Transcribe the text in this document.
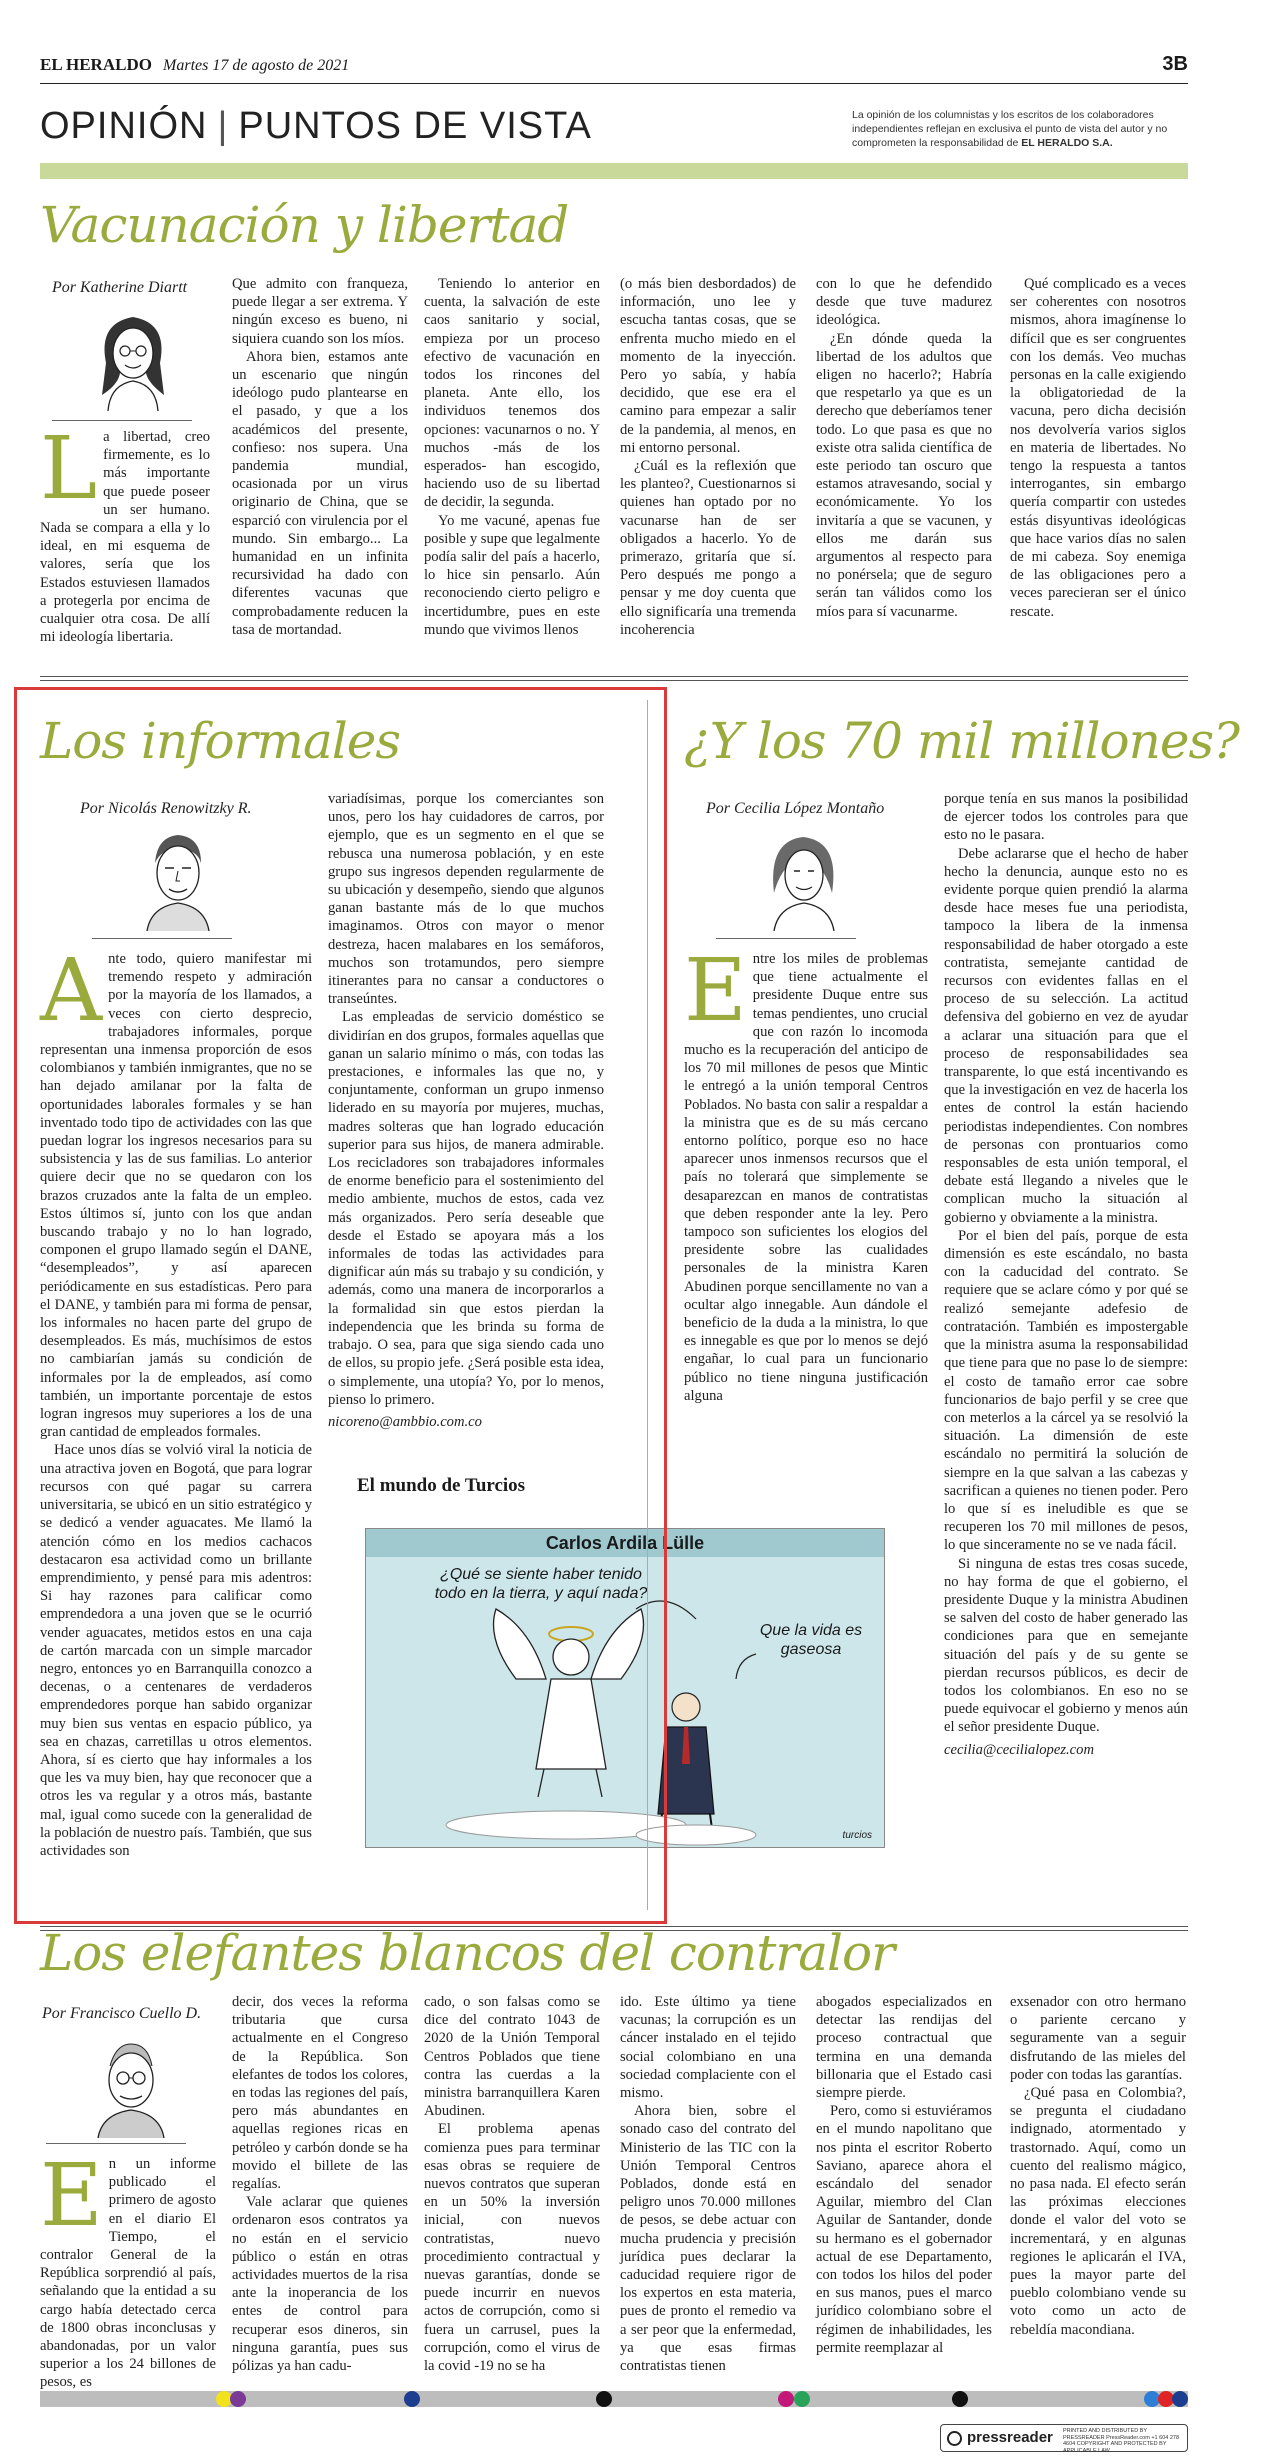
EL HERALDO Martes 17 de agosto de 2021	3B
OPINIÓN | PUNTOS DE VISTA	La opinión de los columnistas y los escritos de los colaboradores independientes reflejan en exclusiva el punto de vista del autor y no comprometen la responsabilidad de EL HERALDO S.A.
Vacunación y libertad
Por Katherine Diartt

La libertad, creo firmemente, es lo más importante que puede poseer un ser humano. Nada se compara a ella y lo ideal, en mi esquema de valores, sería que los Estados estuviesen llamados a protegerla por encima de cualquier otra cosa. De allí mi ideología libertaria.

Que admito con franqueza, puede llegar a ser extrema. Y ningún exceso es bueno, ni siquiera cuando son los míos.

Ahora bien, estamos ante un escenario que ningún ideólogo pudo plantearse en el pasado, y que a los académicos del presente, confieso: nos supera. Una pandemia mundial, ocasionada por un virus originario de China, que se esparció con virulencia por el mundo. Sin embargo... La humanidad en un infinita recursividad ha dado con diferentes vacunas que comprobadamente reducen la tasa de mortandad.

Teniendo lo anterior en cuenta, la salvación de este caos sanitario y social, empieza por un proceso efectivo de vacunación en todos los rincones del planeta. Ante ello, los individuos tenemos dos opciones: vacunarnos o no. Y muchos -más de los esperados- han escogido, haciendo uso de su libertad de decidir, la segunda.

Yo me vacuné, apenas fue posible y supe que legalmente podía salir del país a hacerlo, lo hice sin pensarlo. Aún reconociendo cierto peligro e incertidumbre, pues en este mundo que vivimos llenos

(o más bien desbordados) de información, uno lee y escucha tantas cosas, que se enfrenta mucho miedo en el momento de la inyección. Pero yo sabía, y había decidido, que ese era el camino para empezar a salir de la pandemia, al menos, en mi entorno personal.

¿Cuál es la reflexión que les planteo?, Cuestionarnos si quienes han optado por no vacunarse han de ser obligados a hacerlo. Yo de primerazo, gritaría que sí. Pero después me pongo a pensar y me doy cuenta que ello significaría una tremenda incoherencia

con lo que he defendido desde que tuve madurez ideológica.

¿En dónde queda la libertad de los adultos que eligen no hacerlo?; Habría que respetarlo ya que es un derecho que deberíamos tener todo. Lo que pasa es que no existe otra salida científica de este periodo tan oscuro que estamos atravesando, social y económicamente. Yo los invitaría a que se vacunen, y ellos me darán sus argumentos al respecto para no ponérsela; que de seguro serán tan válidos como los míos para sí vacunarme.

Qué complicado es a veces ser coherentes con nosotros mismos, ahora imagínense lo difícil que es ser congruentes con los demás. Veo muchas personas en la calle exigiendo la obligatoriedad de la vacuna, pero dicha decisión nos devolvería varios siglos en materia de libertades. No tengo la respuesta a tantos interrogantes, sin embargo quería compartir con ustedes estás disyuntivas ideológicas que hace varios días no salen de mi cabeza. Soy enemiga de las obligaciones pero a veces parecieran ser el único rescate.

Los informales
Por Nicolás Renowitzky R.

Ante todo, quiero manifestar mi tremendo respeto y admiración por la mayoría de los llamados, a veces con cierto desprecio, trabajadores informales, porque representan una inmensa proporción de esos colombianos y también inmigrantes, que no se han dejado amilanar por la falta de oportunidades laborales formales y se han inventado todo tipo de actividades con las que puedan lograr los ingresos necesarios para su subsistencia y las de sus familias. Lo anterior quiere decir que no se quedaron con los brazos cruzados ante la falta de un empleo. Estos últimos sí, junto con los que andan buscando trabajo y no lo han logrado, componen el grupo llamado según el DANE, “desempleados”, y así aparecen periódicamente en sus estadísticas. Pero para el DANE, y también para mi forma de pensar, los informales no hacen parte del grupo de desempleados. Es más, muchísimos de estos no cambiarían jamás su condición de informales por la de empleados, así como también, un importante porcentaje de estos logran ingresos muy superiores a los de una gran cantidad de empleados formales.

Hace unos días se volvió viral la noticia de una atractiva joven en Bogotá, que para lograr recursos con qué pagar su carrera universitaria, se ubicó en un sitio estratégico y se dedicó a vender aguacates. Me llamó la atención cómo en los medios cachacos destacaron esa actividad como un brillante emprendimiento, y pensé para mis adentros: Si hay razones para calificar como emprendedora a una joven que se le ocurrió vender aguacates, metidos estos en una caja de cartón marcada con un simple marcador negro, entonces yo en Barranquilla conozco a decenas, o a centenares de verdaderos emprendedores porque han sabido organizar muy bien sus ventas en espacio público, ya sea en chazas, carretillas u otros elementos. Ahora, sí es cierto que hay informales a los que les va muy bien, hay que reconocer que a otros les va regular y a otros más, bastante mal, igual como sucede con la generalidad de la población de nuestro país. También, que sus actividades son

variadísimas, porque los comerciantes son unos, pero los hay cuidadores de carros, por ejemplo, que es un segmento en el que se rebusca una numerosa población, y en este grupo sus ingresos dependen regularmente de su ubicación y desempeño, siendo que algunos ganan bastante más de lo que muchos imaginamos. Otros con mayor o menor destreza, hacen malabares en los semáforos, muchos son trotamundos, pero siempre itinerantes para no cansar a conductores o transeúntes.

Las empleadas de servicio doméstico se dividirían en dos grupos, formales aquellas que ganan un salario mínimo o más, con todas las prestaciones, e informales las que no, y conjuntamente, conforman un grupo inmenso liderado en su mayoría por mujeres, muchas, madres solteras que han logrado educación superior para sus hijos, de manera admirable. Los recicladores son trabajadores informales de enorme beneficio para el sostenimiento del medio ambiente, muchos de estos, cada vez más organizados. Pero sería deseable que desde el Estado se apoyara más a los informales de todas las actividades para dignificar aún más su trabajo y su condición, y además, como una manera de incorporarlos a la formalidad sin que estos pierdan la independencia que les brinda su forma de trabajo. O sea, para que siga siendo cada uno de ellos, su propio jefe. ¿Será posible esta idea, o simplemente, una utopía? Yo, por lo menos, pienso lo primero.

nicoreno@ambbio.com.co

El mundo de Turcios
Carlos Ardila Lülle
¿Qué se siente haber tenido todo en la tierra, y aquí nada?
Que la vida es gaseosa
turcios
¿Y los 70 mil millones?
Por Cecilia López Montaño

Entre los miles de problemas que tiene actualmente el presidente Duque entre sus temas pendientes, uno crucial que con razón lo incomoda mucho es la recuperación del anticipo de los 70 mil millones de pesos que Mintic le entregó a la unión temporal Centros Poblados. No basta con salir a respaldar a la ministra que es de su más cercano entorno político, porque eso no hace aparecer unos inmensos recursos que el país no tolerará que simplemente se desaparezcan en manos de contratistas que deben responder ante la ley. Pero tampoco son suficientes los elogios del presidente sobre las cualidades personales de la ministra Karen Abudinen porque sencillamente no van a ocultar algo innegable. Aun dándole el beneficio de la duda a la ministra, lo que es innegable es que por lo menos se dejó engañar, lo cual para un funcionario público no tiene ninguna justificación alguna

porque tenía en sus manos la posibilidad de ejercer todos los controles para que esto no le pasara.

Debe aclararse que el hecho de haber hecho la denuncia, aunque esto no es evidente porque quien prendió la alarma desde hace meses fue una periodista, tampoco la libera de la inmensa responsabilidad de haber otorgado a este contratista, semejante cantidad de recursos con evidentes fallas en el proceso de su selección. La actitud defensiva del gobierno en vez de ayudar a aclarar una situación para que el proceso de responsabilidades sea transparente, lo que está incentivando es que la investigación en vez de hacerla los entes de control la están haciendo periodistas independientes. Con nombres de personas con prontuarios como responsables de esta unión temporal, el debate está llegando a niveles que le complican mucho la situación al gobierno y obviamente a la ministra.

Por el bien del país, porque de esta dimensión es este escándalo, no basta con la caducidad del contrato. Se requiere que se aclare cómo y por qué se realizó semejante adefesio de contratación. También es impostergable que la ministra asuma la responsabilidad que tiene para que no pase lo de siempre: el costo de tamaño error cae sobre funcionarios de bajo perfil y se cree que con meterlos a la cárcel ya se resolvió la situación. La dimensión de este escándalo no permitirá la solución de siempre en la que salvan a las cabezas y sacrifican a quienes no tienen poder. Pero lo que sí es ineludible es que se recuperen los 70 mil millones de pesos, lo que sinceramente no se ve nada fácil.

Si ninguna de estas tres cosas sucede, no hay forma de que el gobierno, el presidente Duque y la ministra Abudinen se salven del costo de haber generado las condiciones para que en semejante situación del país y de su gente se pierdan recursos públicos, es decir de todos los colombianos. En eso no se puede equivocar el gobierno y menos aún el señor presidente Duque.

cecilia@cecilialopez.com

Los elefantes blancos del contralor
Por Francisco Cuello D.

En un informe publicado el primero de agosto en el diario El Tiempo, el contralor General de la República sorprendió al país, señalando que la entidad a su cargo había detectado cerca de 1800 obras inconclusas y abandonadas, por un valor superior a los 24 billones de pesos, es

decir, dos veces la reforma tributaria que cursa actualmente en el Congreso de la República. Son elefantes de todos los colores, en todas las regiones del país, pero más abundantes en aquellas regiones ricas en petróleo y carbón donde se ha movido el billete de las regalías.

Vale aclarar que quienes ordenaron esos contratos ya no están en el servicio público o están en otras actividades muertos de la risa ante la inoperancia de los entes de control para recuperar esos dineros, sin ninguna garantía, pues sus pólizas ya han cadu-

cado, o son falsas como se dice del contrato 1043 de 2020 de la Unión Temporal Centros Poblados que tiene contra las cuerdas a la ministra barranquillera Karen Abudinen.

El problema apenas comienza pues para terminar esas obras se requiere de nuevos contratos que superan en un 50% la inversión inicial, con nuevos contratistas, nuevo procedimiento contractual y nuevas garantías, donde se puede incurrir en nuevos actos de corrupción, como si fuera un carrusel, pues la corrupción, como el virus de la covid -19 no se ha

ido. Este último ya tiene vacunas; la corrupción es un cáncer instalado en el tejido social colombiano en una sociedad complaciente con el mismo.

Ahora bien, sobre el sonado caso del contrato del Ministerio de las TIC con la Unión Temporal Centros Poblados, donde está en peligro unos 70.000 millones de pesos, se debe actuar con mucha prudencia y precisión jurídica pues declarar la caducidad requiere rigor de los expertos en esta materia, pues de pronto el remedio va a ser peor que la enfermedad, ya que esas firmas contratistas tienen

abogados especializados en detectar las rendijas del proceso contractual que termina en una demanda billonaria que el Estado casi siempre pierde.

Pero, como si estuviéramos en el mundo napolitano que nos pinta el escritor Roberto Saviano, aparece ahora el escándalo del senador Aguilar, miembro del Clan Aguilar de Santander, donde su hermano es el gobernador actual de ese Departamento, con todos los hilos del poder en sus manos, pues el marco jurídico colombiano sobre el régimen de inhabilidades, les permite reemplazar al

exsenador con otro hermano o pariente cercano y seguramente van a seguir disfrutando de las mieles del poder con todas las garantías.

¿Qué pasa en Colombia?, se pregunta el ciudadano indignado, atormentado y trastornado. Aquí, como un cuento del realismo mágico, no pasa nada. El efecto serán las próximas elecciones donde el valor del voto se incrementará, y en algunas regiones le aplicarán el IVA, pues la mayor parte del pueblo colombiano vende su voto como un acto de rebeldía macondiana.

pressreader PRINTED AND DISTRIBUTED BY PRESSREADER PressReader.com +1 604 278 4604 COPYRIGHT AND PROTECTED BY APPLICABLE LAW
